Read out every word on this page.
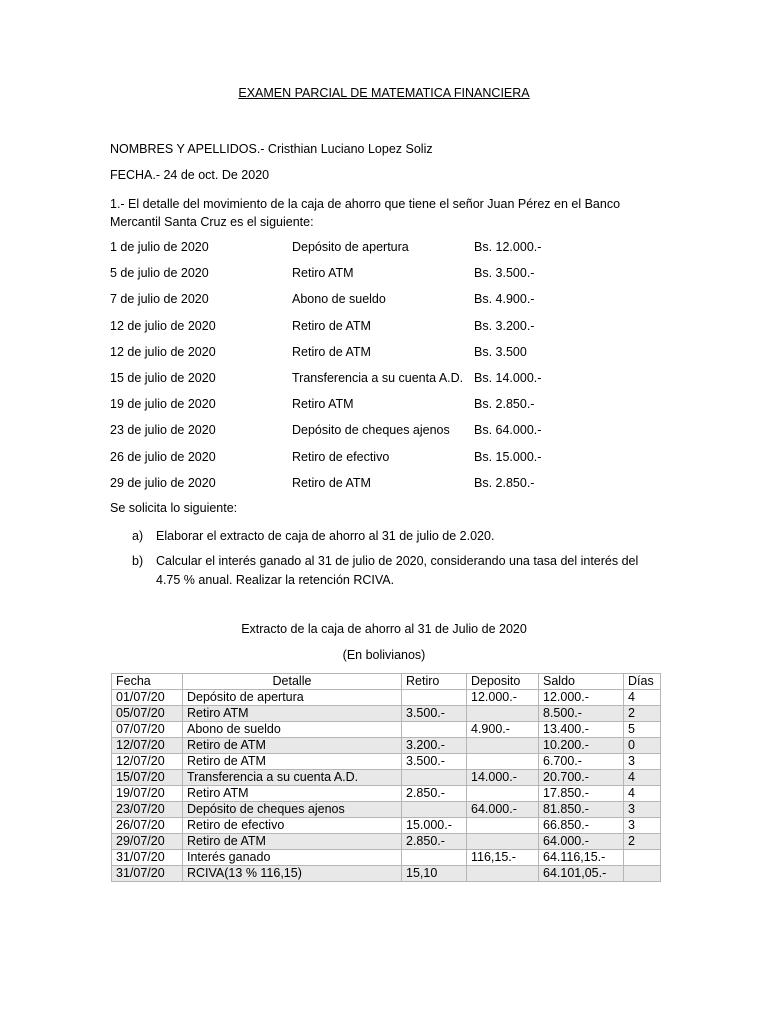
EXAMEN PARCIAL DE MATEMATICA FINANCIERA
NOMBRES Y APELLIDOS.- Cristhian Luciano Lopez Soliz
FECHA.- 24 de oct. De 2020
1.- El detalle del movimiento de la caja de ahorro que tiene el señor Juan Pérez en el Banco Mercantil Santa Cruz es el siguiente:
1 de julio de 2020	Depósito de apertura	Bs. 12.000.-
5 de julio de 2020	Retiro ATM	Bs. 3.500.-
7 de julio de 2020	Abono de sueldo	Bs. 4.900.-
12 de julio de 2020	Retiro de ATM	Bs. 3.200.-
12 de julio de 2020	Retiro de ATM	Bs. 3.500
15 de julio de 2020	Transferencia a su cuenta A.D. Bs. 14.000.-
19 de julio de 2020	Retiro ATM	Bs. 2.850.-
23 de julio de 2020	Depósito de cheques ajenos Bs. 64.000.-
26 de julio de 2020	Retiro de efectivo	Bs. 15.000.-
29 de julio de 2020	Retiro de ATM	Bs. 2.850.-
Se solicita lo siguiente:
a) Elaborar el extracto de caja de ahorro al 31 de julio de 2.020.
b) Calcular el interés ganado al 31 de julio de 2020, considerando una tasa del interés del 4.75 % anual. Realizar la retención RCIVA.
Extracto de la caja de ahorro al 31 de Julio de 2020
(En bolivianos)
Fecha	Detalle	Retiro	Deposito	Saldo	Días
01/07/20	Depósito de apertura		12.000.-	12.000.-	4
05/07/20	Retiro ATM	3.500.-		8.500.-	2
07/07/20	Abono de sueldo		4.900.-	13.400.-	5
12/07/20	Retiro de ATM	3.200.-		10.200.-	0
12/07/20	Retiro de ATM	3.500.-		6.700.-	3
15/07/20	Transferencia a su cuenta A.D.		14.000.-	20.700.-	4
19/07/20	Retiro ATM	2.850.-		17.850.-	4
23/07/20	Depósito de cheques ajenos		64.000.-	81.850.-	3
26/07/20	Retiro de efectivo	15.000.-		66.850.-	3
29/07/20	Retiro de ATM	2.850.-		64.000.-	2
31/07/20	Interés ganado		116,15.-	64.116,15.-	
31/07/20	RCIVA(13 % 116,15)	15,10		64.101,05.-	
